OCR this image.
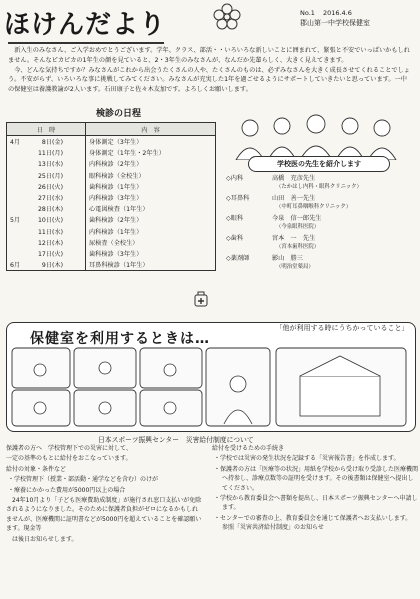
ほけんだより	No.1 2016.4.6
郡山第一中学校保健室
新入生のみなさん、ご入学おめでとうございます。学年、クラス、部活・・いろいろな新しいことに囲まれて、緊張と不安でいっぱいかもしれません。そんなピカピカの1年生の顔を見ていると、2・3年生のみなさんが、なんだか先輩らしく、大きく見えてきます。
今、どんな気持ちですか？みなさんがこれから出会うたくさんの人や、たくさんのものは、必ずみなさんを大きく成長させてくれることでしょう。不安がらず、いろいろな事に挑戦してみてください。みなさんが充実した1年を過ごせるようにサポートしていきたいと思っています。一中の保健室は養護教諭が2人います。石田康子と佐々木友加です。よろしくお願いします。
検診の日程
日　時	内　容
4月 8日(金)	身体測定（3年生）
11日(月)	身体測定（1年生・2年生）
13日(水)	内科検診（2年生）
25日(月)	眼科検診（全校生）
26日(火)	歯科検診（1年生）
27日(水)	内科検診（3年生）
28日(木)	心電図検査（1年生）
5月 10日(火)	歯科検診（2年生）
11日(水)	内科検診（1年生）
12日(木)	尿検査（全校生）
17日(火)	歯科検診（3年生）
6月 9日(木)	耳鼻科検診（1年生）
学校医の先生を紹介します
◇内科	高橋　充彦先生
（たかはし内科・眼科クリニック）
◇耳鼻科	山田　善一先生
（中町耳鼻咽喉科クリニック）
◇眼科	今泉　信一郎先生
（今泉眼科医院）
◇歯科	宮本　一　先生
（宮本歯科医院）
◇薬剤師	影山　勝三
（明治堂薬局）
保健室を利用するときは…
「他が利用する時にうちかっていること」
日本スポーツ振興センター　災害給付制度について

保護者の方へ　学校管理下での災害に対して、

一定の基準のもとに給付をおこなっています。

給付の対象・条件など

・学校管理下（授業・部活動・通学などを含む）のけが

・療養にかかった費用が5000円以上の場合

　24年10月より「子ども医療費助成制度」が施行され窓口支払いが免除されるようになりました。そのために保護者負担がゼロになるかもしれませんが、医療機関に証明書などが5000円を超えていることを確認願います。現金等

　は後日お知らせします。

給付を受けるための手続き

・学校では災害の発生状況を記録する「災害報告書」を作成します。

・保護者の方は「医療等の状況」用紙を学校から受け取り受診した医療機関へ持参し、診療点数等の証明を受けます。その後書類は保健室へ提出してください。

・学校から教育委員会へ書類を提出し、日本スポーツ振興センターへ申請します。

・センターでの審査の上、教育委員会を通じて保護者へお支払いします。　参照「災害共済給付制度」のお知らせ
